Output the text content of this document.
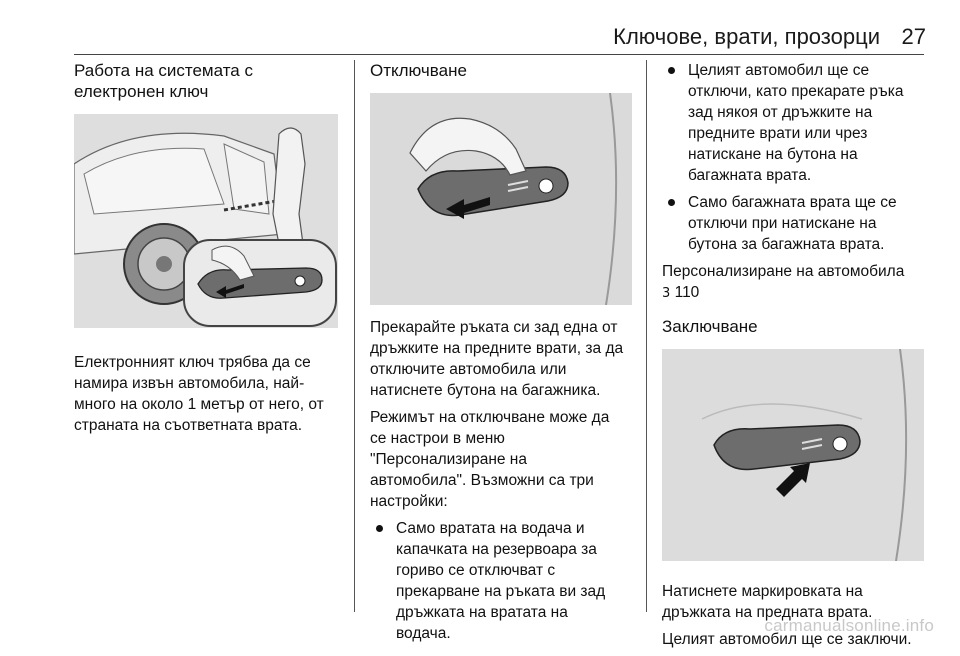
Ключове, врати, прозорци 27
Работа на системата с
електронен ключ

Електронният ключ трябва да се
намира извън автомобила, най-
много на около 1 метър от него, от
страната на съответната врата.

Отключване

Прекарайте ръката си зад една от
дръжките на предните врати, за да
отключите автомобила или
натиснете бутона на багажника.

Режимът на отключване може да
се настрои в меню
"Персонализиране на
автомобила". Възможни са три
настройки:

Само вратата на водача и
капачката на резервоара за
гориво се отключват с
прекарване на ръката ви зад
дръжката на вратата на
водача.
Целият автомобил ще се
отключи, като прекарате ръка
зад някоя от дръжките на
предните врати или чрез
натискане на бутона на
багажната врата.
Само багажната врата ще се
отключи при натискане на
бутона за багажната врата.

Персонализиране на автомобила
3 110

Заключване

Натиснете маркировката на
дръжката на предната врата.

Целият автомобил ще се заключи.

carmanualsonline.info
